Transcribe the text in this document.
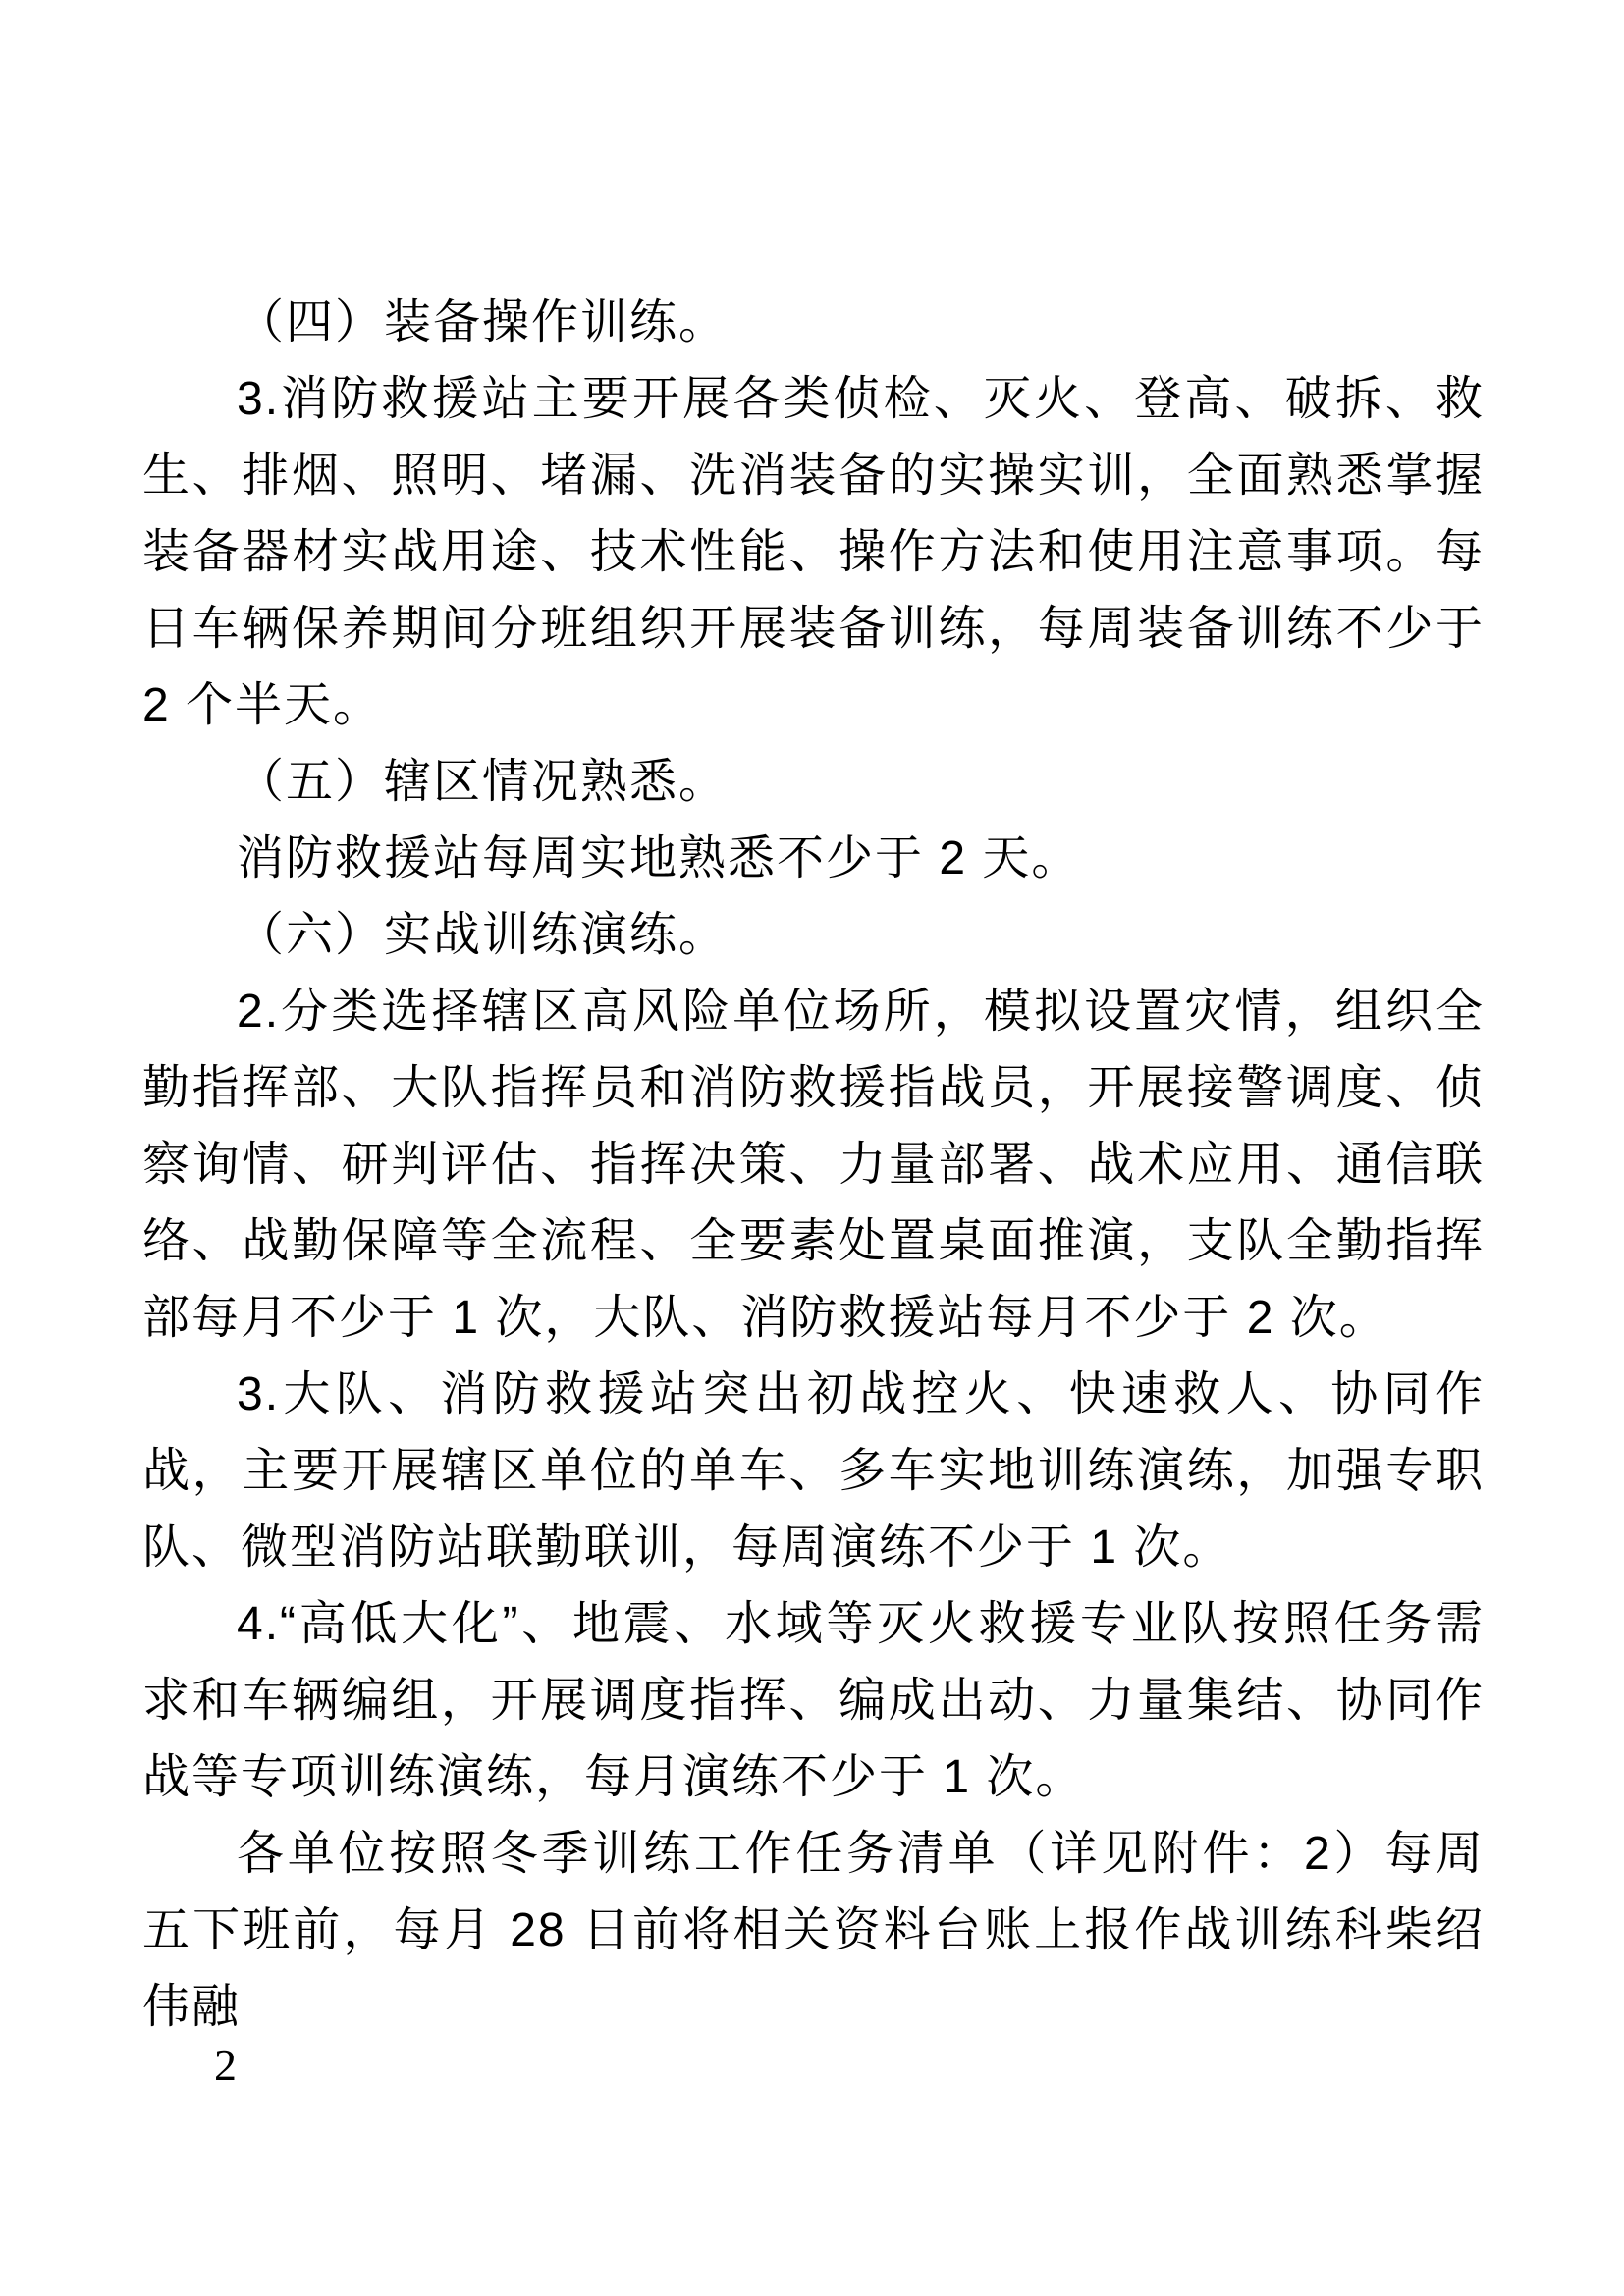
（四）装备操作训练。

3.消防救援站主要开展各类侦检、灭火、登高、破拆、救生、排烟、照明、堵漏、洗消装备的实操实训，全面熟悉掌握装备器材实战用途、技术性能、操作方法和使用注意事项。每日车辆保养期间分班组织开展装备训练，每周装备训练不少于 2 个半天。

（五）辖区情况熟悉。

消防救援站每周实地熟悉不少于 2 天。

（六）实战训练演练。

2.分类选择辖区高风险单位场所，模拟设置灾情，组织全勤指挥部、大队指挥员和消防救援指战员，开展接警调度、侦察询情、研判评估、指挥决策、力量部署、战术应用、通信联络、战勤保障等全流程、全要素处置桌面推演，支队全勤指挥部每月不少于 1 次，大队、消防救援站每月不少于 2 次。

3.大队、消防救援站突出初战控火、快速救人、协同作战，主要开展辖区单位的单车、多车实地训练演练，加强专职队、微型消防站联勤联训，每周演练不少于 1 次。

4.“高低大化”、地震、水域等灭火救援专业队按照任务需求和车辆编组，开展调度指挥、编成出动、力量集结、协同作战等专项训练演练，每月演练不少于 1 次。

各单位按照冬季训练工作任务清单（详见附件：2）每周五下班前，每月 28 日前将相关资料台账上报作战训练科柴绍伟融

2
